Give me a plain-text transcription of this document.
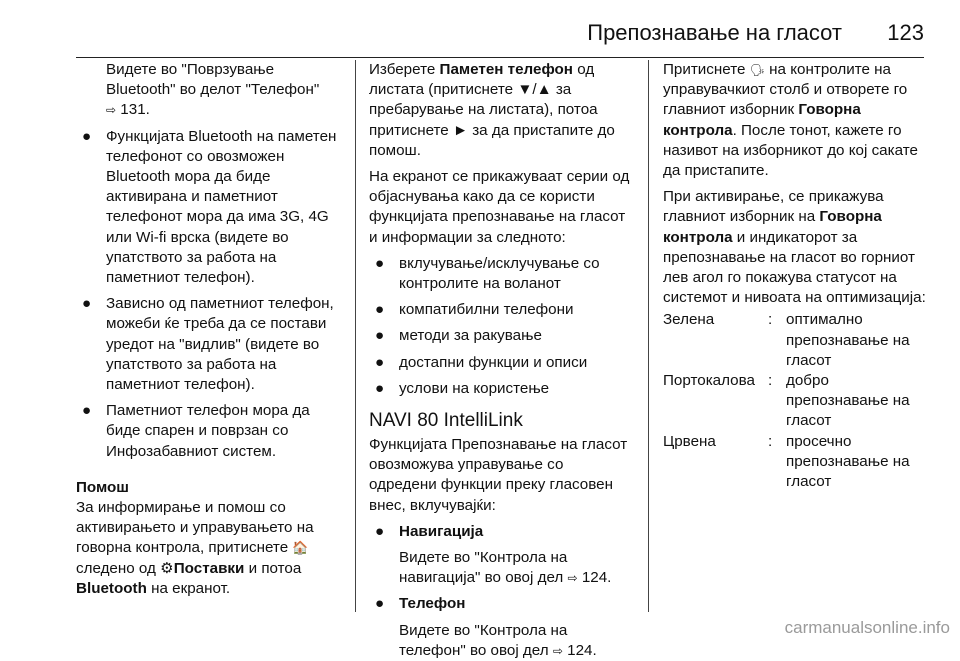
Препознавање на гласот 123

Видете во "Поврзување Bluetooth" во делот "Телефон"
⇨ 131.

● Функцијата Bluetooth на паметен телефонот со овозможен Bluetooth мора да биде активирана и паметниот телефонот мора да има 3G, 4G или Wi-fi врска (видете во упатството за работа на паметниот телефон).
● Зависно од паметниот телефон, можеби ќе треба да се постави уредот на "видлив" (видете во упатството за работа на паметниот телефон).
● Паметниот телефон мора да биде спарен и поврзан со Инфозабавниот систем.

Помош

За информирање и помош со активирањето и управувањето на говорна контрола, притиснете 🏠 следено од ⚙Поставки и потоа Bluetooth на екранот.

Изберете Паметен телефон од листата (притиснете ▼/▲ за пребарување на листата), потоа притиснете ► за да пристапите до помош.

На екранот се прикажуваат серии од објаснувања како да се користи функцијата препознавање на гласот и информации за следното:

● вклучување/исклучување со контролите на воланот
● компатибилни телефони
● методи за ракување
● достапни функции и описи
● услови на користење

NAVI 80 IntelliLink

Функцијата Препознавање на гласот овозможува управување со одредени функции преку гласовен внес, вклучувајќи:

● Навигација

Видете во "Контрола на навигација" во овој дел ⇨ 124.

● Телефон

Видете во "Контрола на телефон" во овој дел ⇨ 124.

Притиснете 🗣 на контролите на управувачкиот столб и отворете го главниот изборник Говорна контрола. После тонот, кажете го називот на изборникот до кој сакате да пристапите.

При активирање, се прикажува главниот изборник на Говорна контрола и индикаторот за препознавање на гласот во горниот лев агол го покажува статусот на системот и нивоата на оптимизација:

Зелена	:	оптимално препознавање на гласот
Портокалова	:	добро препознавање на гласот
Црвена	:	просечно препознавање на гласот
carmanualsonline.info
